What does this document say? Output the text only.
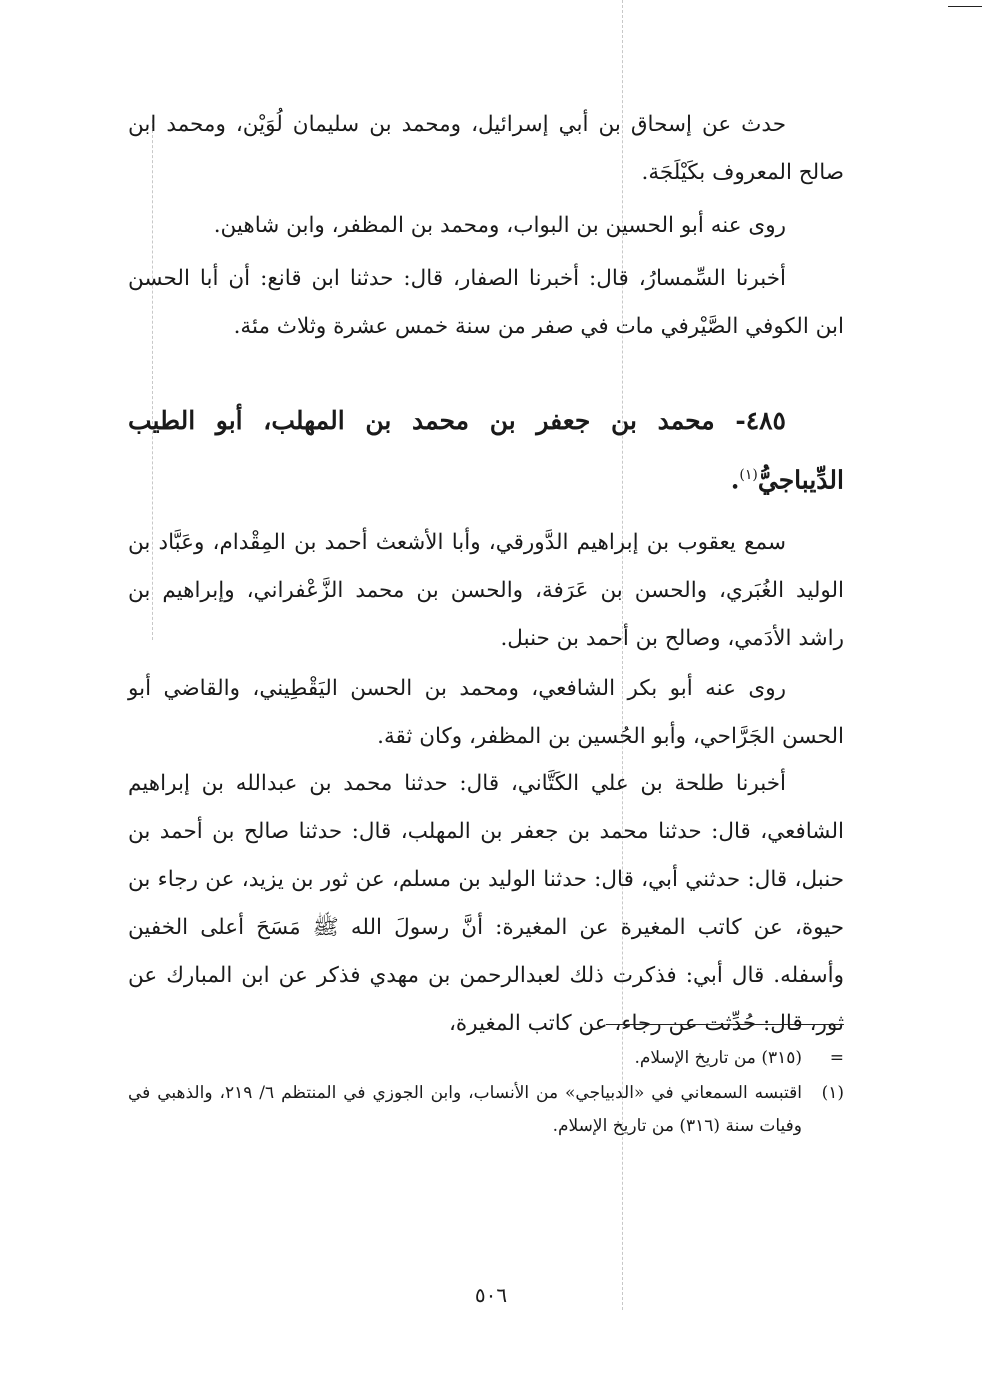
حدث عن إسحاق بن أبي إسرائيل، ومحمد بن سليمان لُوَيْن، ومحمد ابن صالح المعروف بكَيْلَجَة.

روى عنه أبو الحسين بن البواب، ومحمد بن المظفر، وابن شاهين.

أخبرنا السِّمسارُ، قال: أخبرنا الصفار، قال: حدثنا ابن قانع: أن أبا الحسن ابن الكوفي الصَّيْرفي مات في صفر من سنة خمس عشرة وثلاث مئة.

٤٨٥- محمد بن جعفر بن محمد بن المهلب، أبو الطيب الدِّيباجيُّ$^{(١)}$.

سمع يعقوب بن إبراهيم الدَّورقي، وأبا الأشعث أحمد بن المِقْدام، وعَبَّاد بن الوليد الغُبَري، والحسن بن عَرَفة، والحسن بن محمد الزَّعْفراني، وإبراهيم بن راشد الأدَمي، وصالح بن أحمد بن حنبل.

روى عنه أبو بكر الشافعي، ومحمد بن الحسن اليَقْطِيني، والقاضي أبو الحسن الجَرَّاحي، وأبو الحُسين بن المظفر، وكان ثقة.

أخبرنا طلحة بن علي الكَتَّاني، قال: حدثنا محمد بن عبدالله بن إبراهيم الشافعي، قال: حدثنا محمد بن جعفر بن المهلب، قال: حدثنا صالح بن أحمد بن حنبل، قال: حدثني أبي، قال: حدثنا الوليد بن مسلم، عن ثور بن يزيد، عن رجاء بن حيوة، عن كاتب المغيرة عن المغيرة: أنَّ رسولَ الله ﷺ مَسَحَ أعلى الخفين وأسفله. قال أبي: فذكرت ذلك لعبدالرحمن بن مهدي فذكر عن ابن المبارك عن ثور، قال: حُدِّثت عن رجاء، عن كاتب المغيرة،

=
(٣١٥) من تاريخ الإسلام.

(١)
اقتبسه السمعاني في «الدبياجي» من الأنساب، وابن الجوزي في المنتظم ٦/ ٢١٩، والذهبي في وفيات سنة (٣١٦) من تاريخ الإسلام.

٥٠٦
